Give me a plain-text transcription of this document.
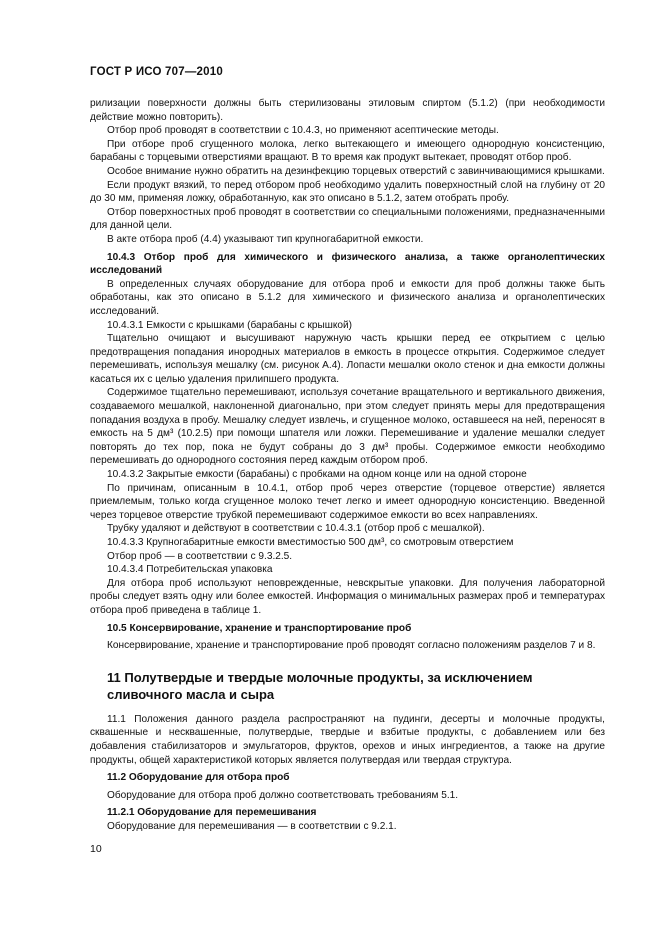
ГОСТ Р ИСО 707—2010

рилизации поверхности должны быть стерилизованы этиловым спиртом (5.1.2) (при необходимости действие можно повторить).

Отбор проб проводят в соответствии с 10.4.3, но применяют асептические методы.

При отборе проб сгущенного молока, легко вытекающего и имеющего однородную консистенцию, барабаны с торцевыми отверстиями вращают. В то время как продукт вытекает, проводят отбор проб.

Особое внимание нужно обратить на дезинфекцию торцевых отверстий с завинчивающимися крышками.

Если продукт вязкий, то перед отбором проб необходимо удалить поверхностный слой на глубину от 20 до 30 мм, применяя ложку, обработанную, как это описано в 5.1.2, затем отобрать пробу.

Отбор поверхностных проб проводят в соответствии со специальными положениями, предназначенными для данной цели.

В акте отбора проб (4.4) указывают тип крупногабаритной емкости.

10.4.3 Отбор проб для химического и физического анализа, а также органолептических исследований

В определенных случаях оборудование для отбора проб и емкости для проб должны также быть обработаны, как это описано в 5.1.2 для химического и физического анализа и органолептических исследований.

10.4.3.1 Емкости с крышками (барабаны с крышкой)

Тщательно очищают и высушивают наружную часть крышки перед ее открытием с целью предотвращения попадания инородных материалов в емкость в процессе открытия. Содержимое следует перемешивать, используя мешалку (см. рисунок А.4). Лопасти мешалки около стенок и дна емкости должны касаться их с целью удаления прилипшего продукта.

Содержимое тщательно перемешивают, используя сочетание вращательного и вертикального движения, создаваемого мешалкой, наклоненной диагонально, при этом следует принять меры для предотвращения попадания воздуха в пробу. Мешалку следует извлечь, и сгущенное молоко, оставшееся на ней, переносят в емкость на 5 дм³ (10.2.5) при помощи шпателя или ложки. Перемешивание и удаление мешалки следует повторять до тех пор, пока не будут собраны до 3 дм³ пробы. Содержимое емкости необходимо перемешивать до однородного состояния перед каждым отбором проб.

10.4.3.2 Закрытые емкости (барабаны) с пробками на одном конце или на одной стороне

По причинам, описанным в 10.4.1, отбор проб через отверстие (торцевое отверстие) является приемлемым, только когда сгущенное молоко течет легко и имеет однородную консистенцию. Введенной через торцевое отверстие трубкой перемешивают содержимое емкости во всех направлениях.

Трубку удаляют и действуют в соответствии с 10.4.3.1 (отбор проб с мешалкой).

10.4.3.3 Крупногабаритные емкости вместимостью 500 дм³, со смотровым отверстием

Отбор проб — в соответствии с 9.3.2.5.

10.4.3.4 Потребительская упаковка

Для отбора проб используют неповрежденные, невскрытые упаковки. Для получения лабораторной пробы следует взять одну или более емкостей. Информация о минимальных размерах проб и температурах отбора проб приведена в таблице 1.

10.5 Консервирование, хранение и транспортирование проб

Консервирование, хранение и транспортирование проб проводят согласно положениям разделов 7 и 8.

11 Полутвердые и твердые молочные продукты, за исключением сливочного масла и сыра

11.1 Положения данного раздела распространяют на пудинги, десерты и молочные продукты, сквашенные и несквашенные, полутвердые, твердые и взбитые продукты, с добавлением или без добавления стабилизаторов и эмульгаторов, фруктов, орехов и иных ингредиентов, а также на другие продукты, общей характеристикой которых является полутвердая или твердая структура.

11.2 Оборудование для отбора проб

Оборудование для отбора проб должно соответствовать требованиям 5.1.

11.2.1 Оборудование для перемешивания

Оборудование для перемешивания — в соответствии с 9.2.1.

10
